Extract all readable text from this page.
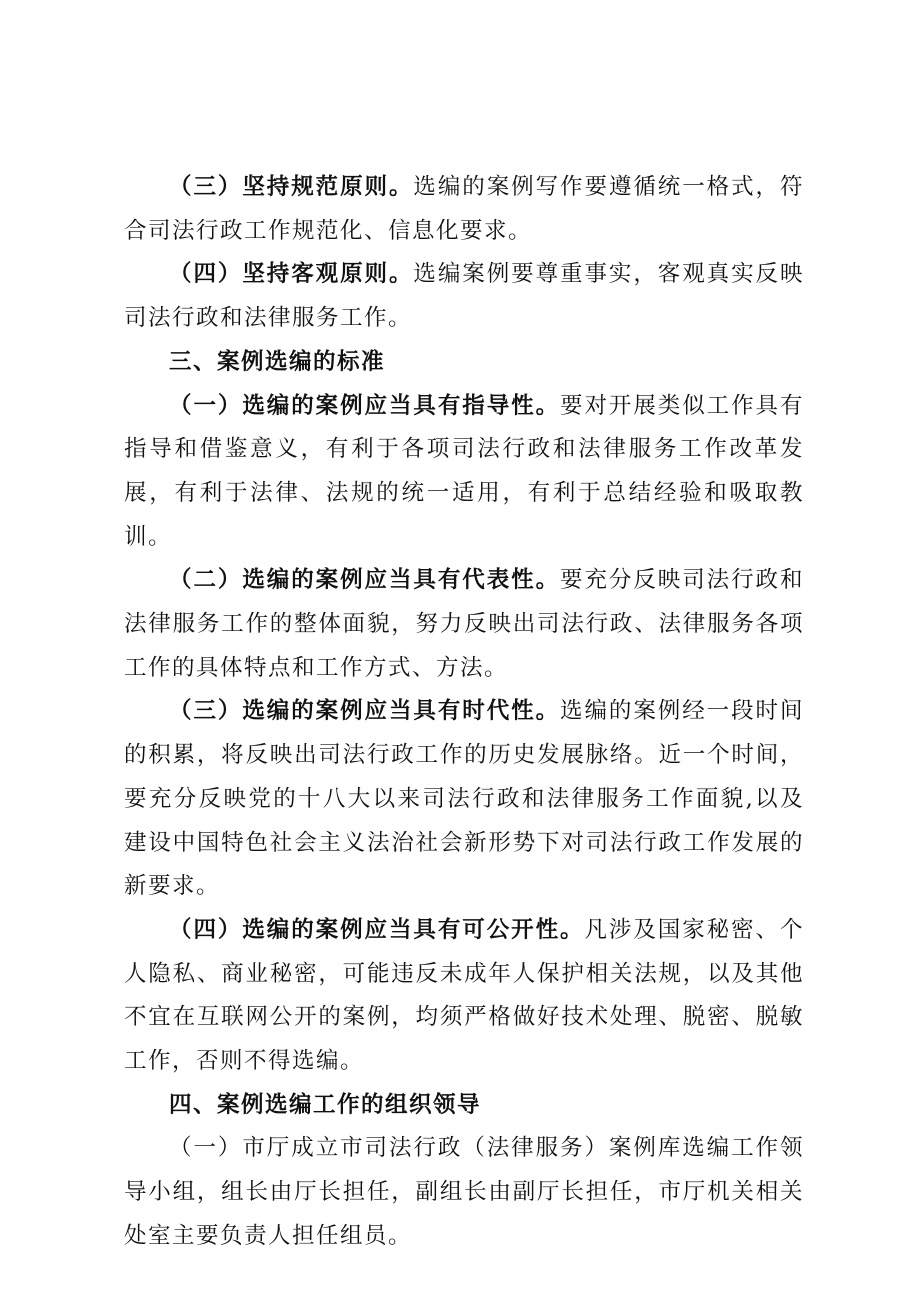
（三）坚持规范原则。选编的案例写作要遵循统一格式，符合司法行政工作规范化、信息化要求。

（四）坚持客观原则。选编案例要尊重事实，客观真实反映司法行政和法律服务工作。

三、案例选编的标准

（一）选编的案例应当具有指导性。要对开展类似工作具有指导和借鉴意义，有利于各项司法行政和法律服务工作改革发展，有利于法律、法规的统一适用，有利于总结经验和吸取教训。

（二）选编的案例应当具有代表性。要充分反映司法行政和法律服务工作的整体面貌，努力反映出司法行政、法律服务各项工作的具体特点和工作方式、方法。

（三）选编的案例应当具有时代性。选编的案例经一段时间的积累，将反映出司法行政工作的历史发展脉络。近一个时间，要充分反映党的十八大以来司法行政和法律服务工作面貌,以及建设中国特色社会主义法治社会新形势下对司法行政工作发展的新要求。

（四）选编的案例应当具有可公开性。凡涉及国家秘密、个人隐私、商业秘密，可能违反未成年人保护相关法规，以及其他不宜在互联网公开的案例，均须严格做好技术处理、脱密、脱敏工作，否则不得选编。

四、案例选编工作的组织领导

（一）市厅成立市司法行政（法律服务）案例库选编工作领导小组，组长由厅长担任，副组长由副厅长担任，市厅机关相关处室主要负责人担任组员。
